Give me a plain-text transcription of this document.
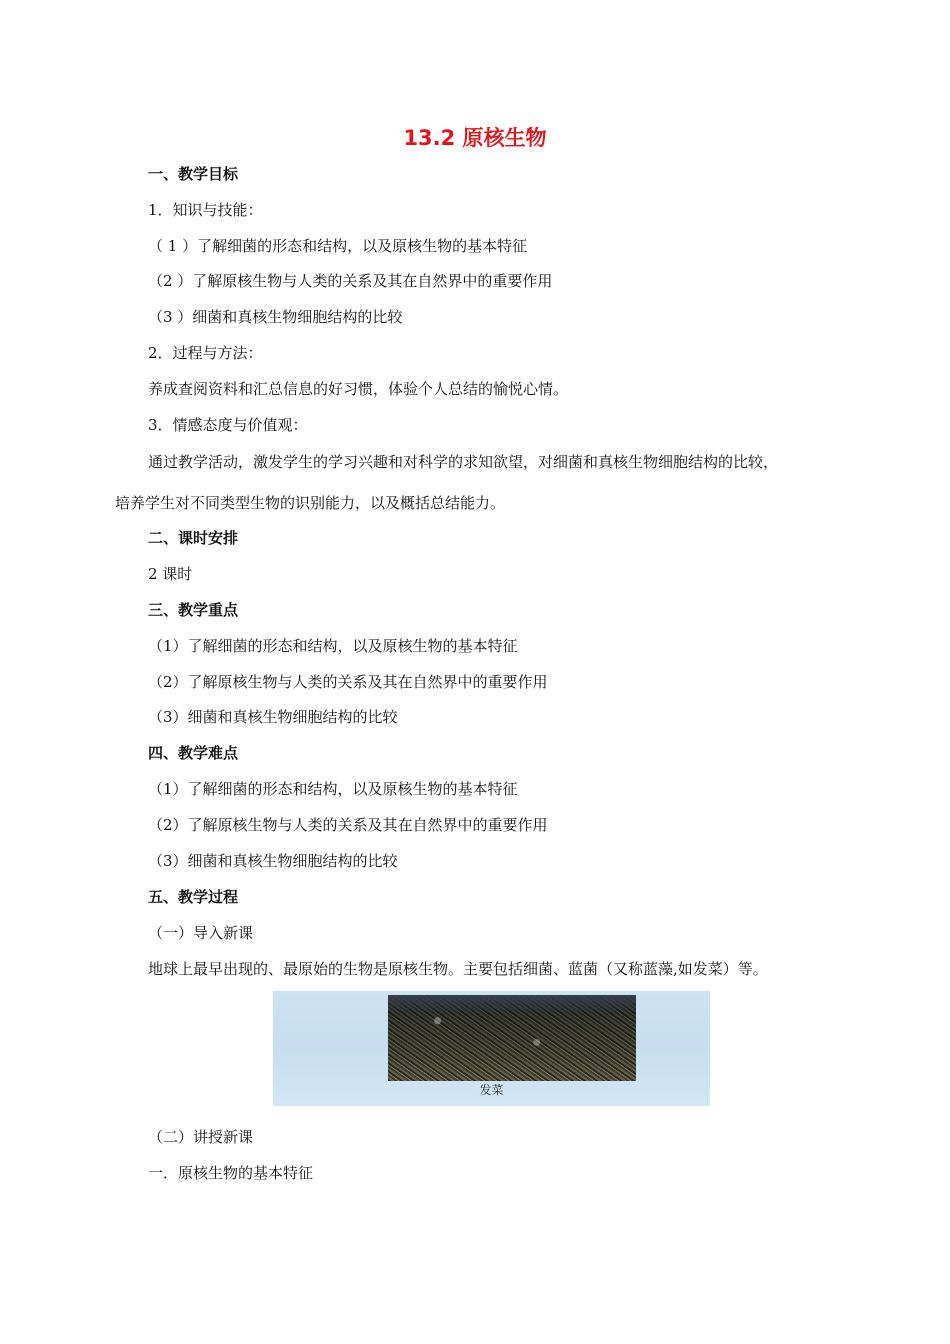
13.2 原核生物
一、教学目标
1．知识与技能：
（ 1 ）了解细菌的形态和结构，以及原核生物的基本特征
（2 ）了解原核生物与人类的关系及其在自然界中的重要作用
（3 ）细菌和真核生物细胞结构的比较
2．过程与方法：
养成查阅资料和汇总信息的好习惯，体验个人总结的愉悦心情。
3．情感态度与价值观：
通过教学活动，激发学生的学习兴趣和对科学的求知欲望，对细菌和真核生物细胞结构的比较，
培养学生对不同类型生物的识别能力，以及概括总结能力。
二、课时安排
2 课时
三、教学重点
（1）了解细菌的形态和结构，以及原核生物的基本特征
（2）了解原核生物与人类的关系及其在自然界中的重要作用
（3）细菌和真核生物细胞结构的比较
四、教学难点
（1）了解细菌的形态和结构，以及原核生物的基本特征
（2）了解原核生物与人类的关系及其在自然界中的重要作用
（3）细菌和真核生物细胞结构的比较
五、教学过程
（一）导入新课
地球上最早出现的、最原始的生物是原核生物。主要包括细菌、蓝菌（又称蓝藻,如发菜）等。
发菜
（二）讲授新课
一．原核生物的基本特征
